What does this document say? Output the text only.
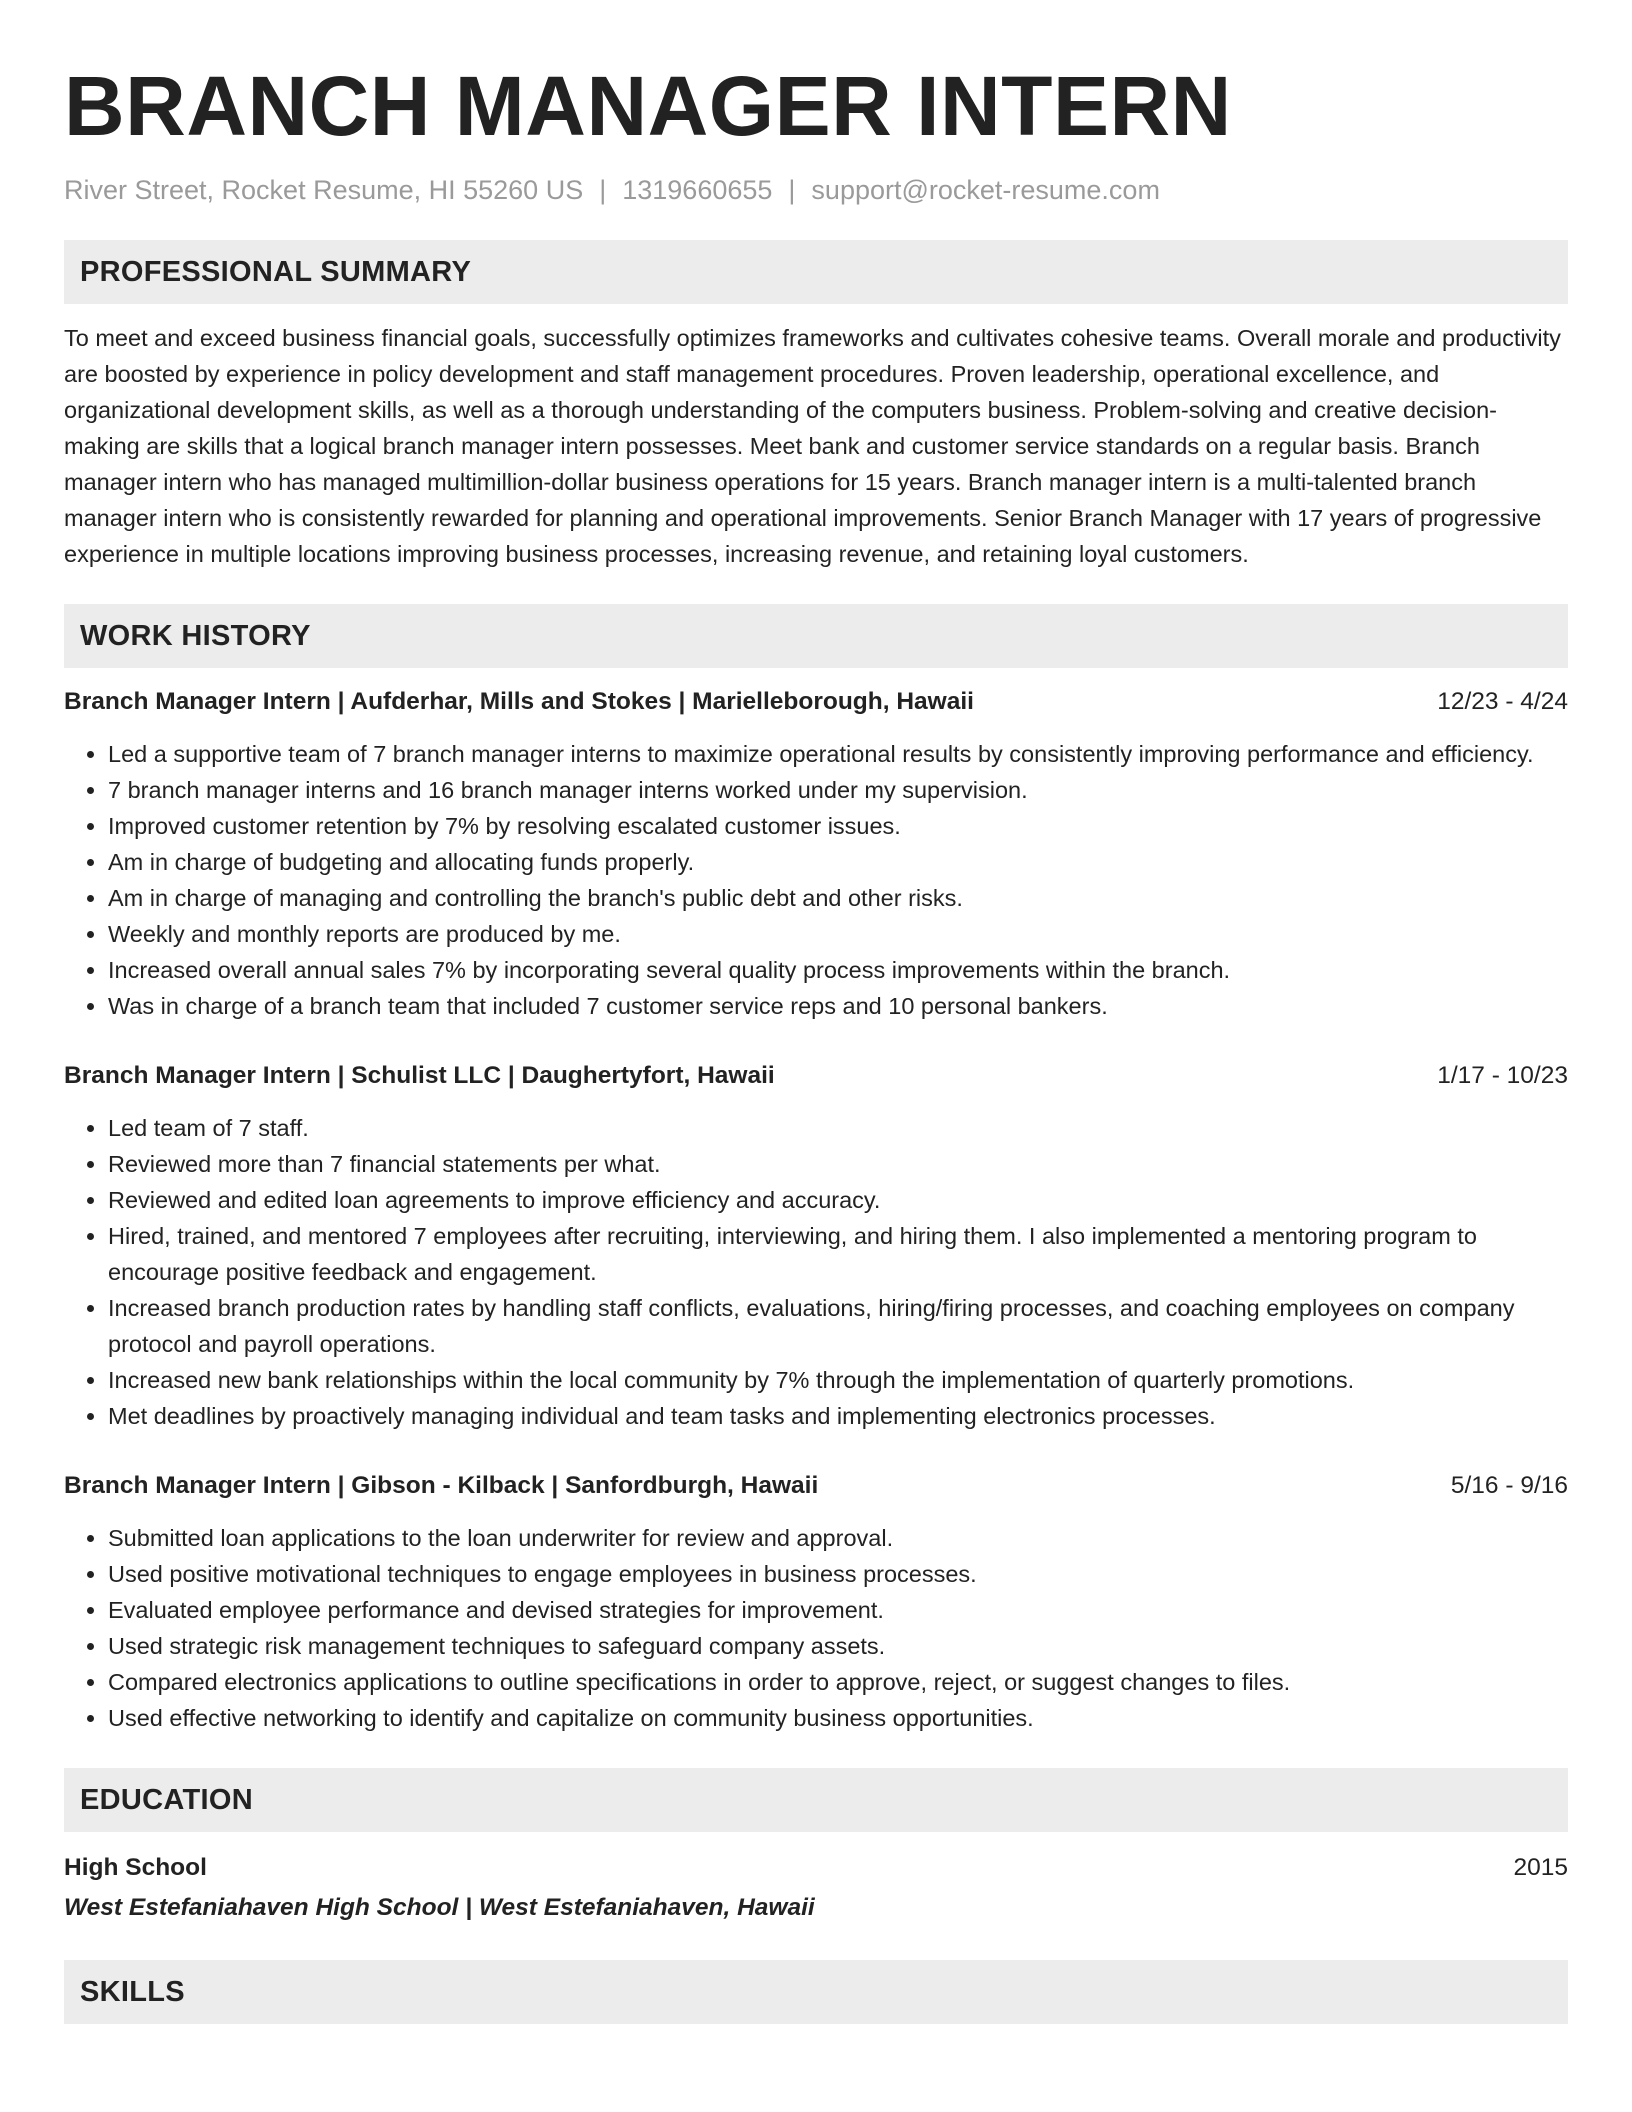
BRANCH MANAGER INTERN
River Street, Rocket Resume, HI 55260 US | 1319660655 | support@rocket-resume.com
PROFESSIONAL SUMMARY

To meet and exceed business financial goals, successfully optimizes frameworks and cultivates cohesive teams. Overall morale and productivity are boosted by experience in policy development and staff management procedures. Proven leadership, operational excellence, and organizational development skills, as well as a thorough understanding of the computers business. Problem-solving and creative decision-making are skills that a logical branch manager intern possesses. Meet bank and customer service standards on a regular basis. Branch manager intern who has managed multimillion-dollar business operations for 15 years. Branch manager intern is a multi-talented branch manager intern who is consistently rewarded for planning and operational improvements. Senior Branch Manager with 17 years of progressive experience in multiple locations improving business processes, increasing revenue, and retaining loyal customers.

WORK HISTORY
Branch Manager Intern | Aufderhar, Mills and Stokes | Marielleborough, Hawaii	12/23 - 4/24
• Led a supportive team of 7 branch manager interns to maximize operational results by consistently improving performance and efficiency.
• 7 branch manager interns and 16 branch manager interns worked under my supervision.
• Improved customer retention by 7% by resolving escalated customer issues.
• Am in charge of budgeting and allocating funds properly.
• Am in charge of managing and controlling the branch's public debt and other risks.
• Weekly and monthly reports are produced by me.
• Increased overall annual sales 7% by incorporating several quality process improvements within the branch.
• Was in charge of a branch team that included 7 customer service reps and 10 personal bankers.
Branch Manager Intern | Schulist LLC | Daughertyfort, Hawaii	1/17 - 10/23
• Led team of 7 staff.
• Reviewed more than 7 financial statements per what.
• Reviewed and edited loan agreements to improve efficiency and accuracy.
• Hired, trained, and mentored 7 employees after recruiting, interviewing, and hiring them. I also implemented a mentoring program to encourage positive feedback and engagement.
• Increased branch production rates by handling staff conflicts, evaluations, hiring/firing processes, and coaching employees on company protocol and payroll operations.
• Increased new bank relationships within the local community by 7% through the implementation of quarterly promotions.
• Met deadlines by proactively managing individual and team tasks and implementing electronics processes.
Branch Manager Intern | Gibson - Kilback | Sanfordburgh, Hawaii	5/16 - 9/16
• Submitted loan applications to the loan underwriter for review and approval.
• Used positive motivational techniques to engage employees in business processes.
• Evaluated employee performance and devised strategies for improvement.
• Used strategic risk management techniques to safeguard company assets.
• Compared electronics applications to outline specifications in order to approve, reject, or suggest changes to files.
• Used effective networking to identify and capitalize on community business opportunities.
EDUCATION
High School	2015
West Estefaniahaven High School | West Estefaniahaven, Hawaii
SKILLS
